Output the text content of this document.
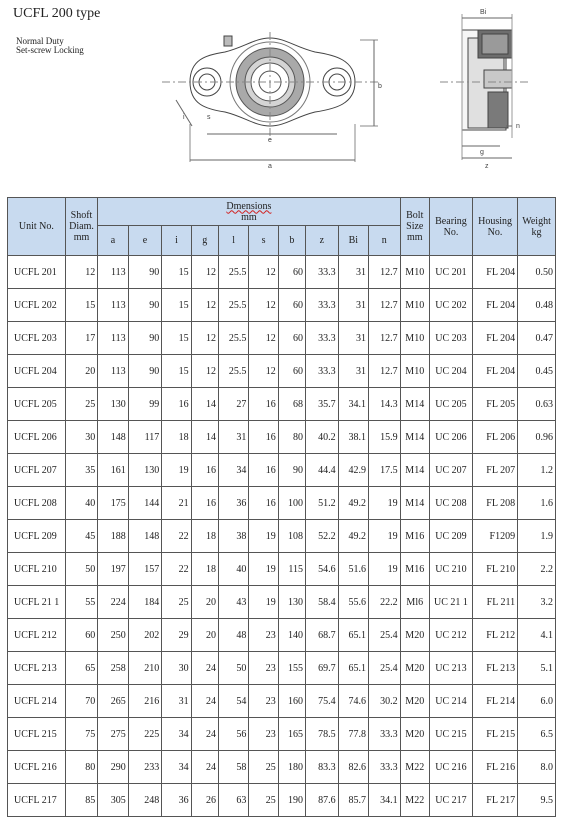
UCFL 200 type
Normal Duty
Set-screw Locking
i	s
e
a
b
Bi
n
g
z
Unit No.	Shoft Diam. mm	Dmensions
mm										Bolt Size mm	Bearing No.	Housing No.	Weight kg
		a	e	i	g	l	s	b	z	Bi	n				
UCFL 201	12	113	90	15	12	25.5	12	60	33.3	31	12.7	M10	UC 201	FL 204	0.50
UCFL 202	15	113	90	15	12	25.5	12	60	33.3	31	12.7	M10	UC 202	FL 204	0.48
UCFL 203	17	113	90	15	12	25.5	12	60	33.3	31	12.7	M10	UC 203	FL 204	0.47
UCFL 204	20	113	90	15	12	25.5	12	60	33.3	31	12.7	M10	UC 204	FL 204	0.45
UCFL 205	25	130	99	16	14	27	16	68	35.7	34.1	14.3	M14	UC 205	FL 205	0.63
UCFL 206	30	148	117	18	14	31	16	80	40.2	38.1	15.9	M14	UC 206	FL 206	0.96
UCFL 207	35	161	130	19	16	34	16	90	44.4	42.9	17.5	M14	UC 207	FL 207	1.2
UCFL 208	40	175	144	21	16	36	16	100	51.2	49.2	19	M14	UC 208	FL 208	1.6
UCFL 209	45	188	148	22	18	38	19	108	52.2	49.2	19	M16	UC 209	F1209	1.9
UCFL 210	50	197	157	22	18	40	19	115	54.6	51.6	19	M16	UC 210	FL 210	2.2
UCFL 21 1	55	224	184	25	20	43	19	130	58.4	55.6	22.2	Ml6	UC 21 1	FL 211	3.2
UCFL 212	60	250	202	29	20	48	23	140	68.7	65.1	25.4	M20	UC 212	FL 212	4.1
UCFL 213	65	258	210	30	24	50	23	155	69.7	65.1	25.4	M20	UC 213	FL 213	5.1
UCFL 214	70	265	216	31	24	54	23	160	75.4	74.6	30.2	M20	UC 214	FL 214	6.0
UCFL 215	75	275	225	34	24	56	23	165	78.5	77.8	33.3	M20	UC 215	FL 215	6.5
UCFL 216	80	290	233	34	24	58	25	180	83.3	82.6	33.3	M22	UC 216	FL 216	8.0
UCFL 217	85	305	248	36	26	63	25	190	87.6	85.7	34.1	M22	UC 217	FL 217	9.5
